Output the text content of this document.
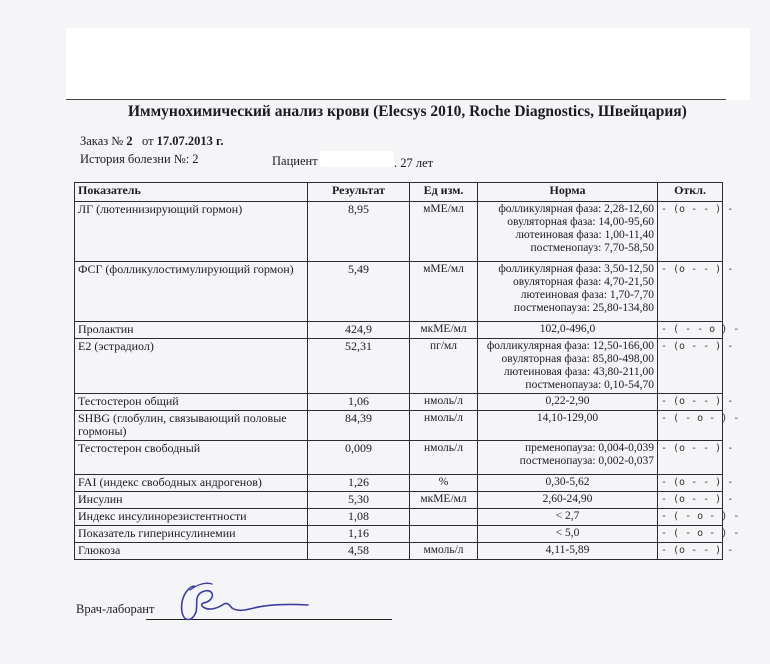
Иммунохимический анализ крови (Elecsys 2010, Roche Diagnostics, Швейцария)
Заказ № 2 от 17.07.2013 г.
История болезни №: 2	Пациент	. 27 лет
Показатель	Результат	Ед изм.	Норма	Откл.
ЛГ (лютеинизирующий гормон)	8,95	мМЕ/мл	фолликулярная фаза: 2,28-12,60
овуляторная фаза: 14,00-95,60
лютеиновая фаза: 1,00-11,40
постменопауз: 7,70-58,50	- (o - - ) -
ФСГ (фолликулостимулирующий гормон)	5,49	мМЕ/мл	фолликулярная фаза: 3,50-12,50
овуляторная фаза: 4,70-21,50
лютеиновая фаза: 1,70-7,70
постменопауза: 25,80-134,80	- (o - - ) -
Пролактин	424,9	мкМЕ/мл	102,0-496,0	- ( - - o ) -
Е2 (эстрадиол)	52,31	пг/мл	фолликулярная фаза: 12,50-166,00
овуляторная фаза: 85,80-498,00
лютеиновая фаза: 43,80-211,00
постменопауза: 0,10-54,70	- (o - - ) -
Тестостерон общий	1,06	нмоль/л	0,22-2,90	- (o - - ) -
SHBG (глобулин, связывающий половые гормоны)	84,39	нмоль/л	14,10-129,00	- ( - o - ) -
Тестостерон свободный	0,009	нмоль/л	пременопауза: 0,004-0,039
постменопауза: 0,002-0,037	- (o - - ) -
FAI (индекс свободных андрогенов)	1,26	%	0,30-5,62	- (o - - ) -
Инсулин	5,30	мкМЕ/мл	2,60-24,90	- (o - - ) -
Индекс инсулинорезистентности	1,08		< 2,7	- ( - o - ) -
Показатель гиперинсулинемии	1,16		< 5,0	- ( - o - ) -
Глюкоза	4,58	ммоль/л	4,11-5,89	- (o - - ) -
Врач-лаборант
